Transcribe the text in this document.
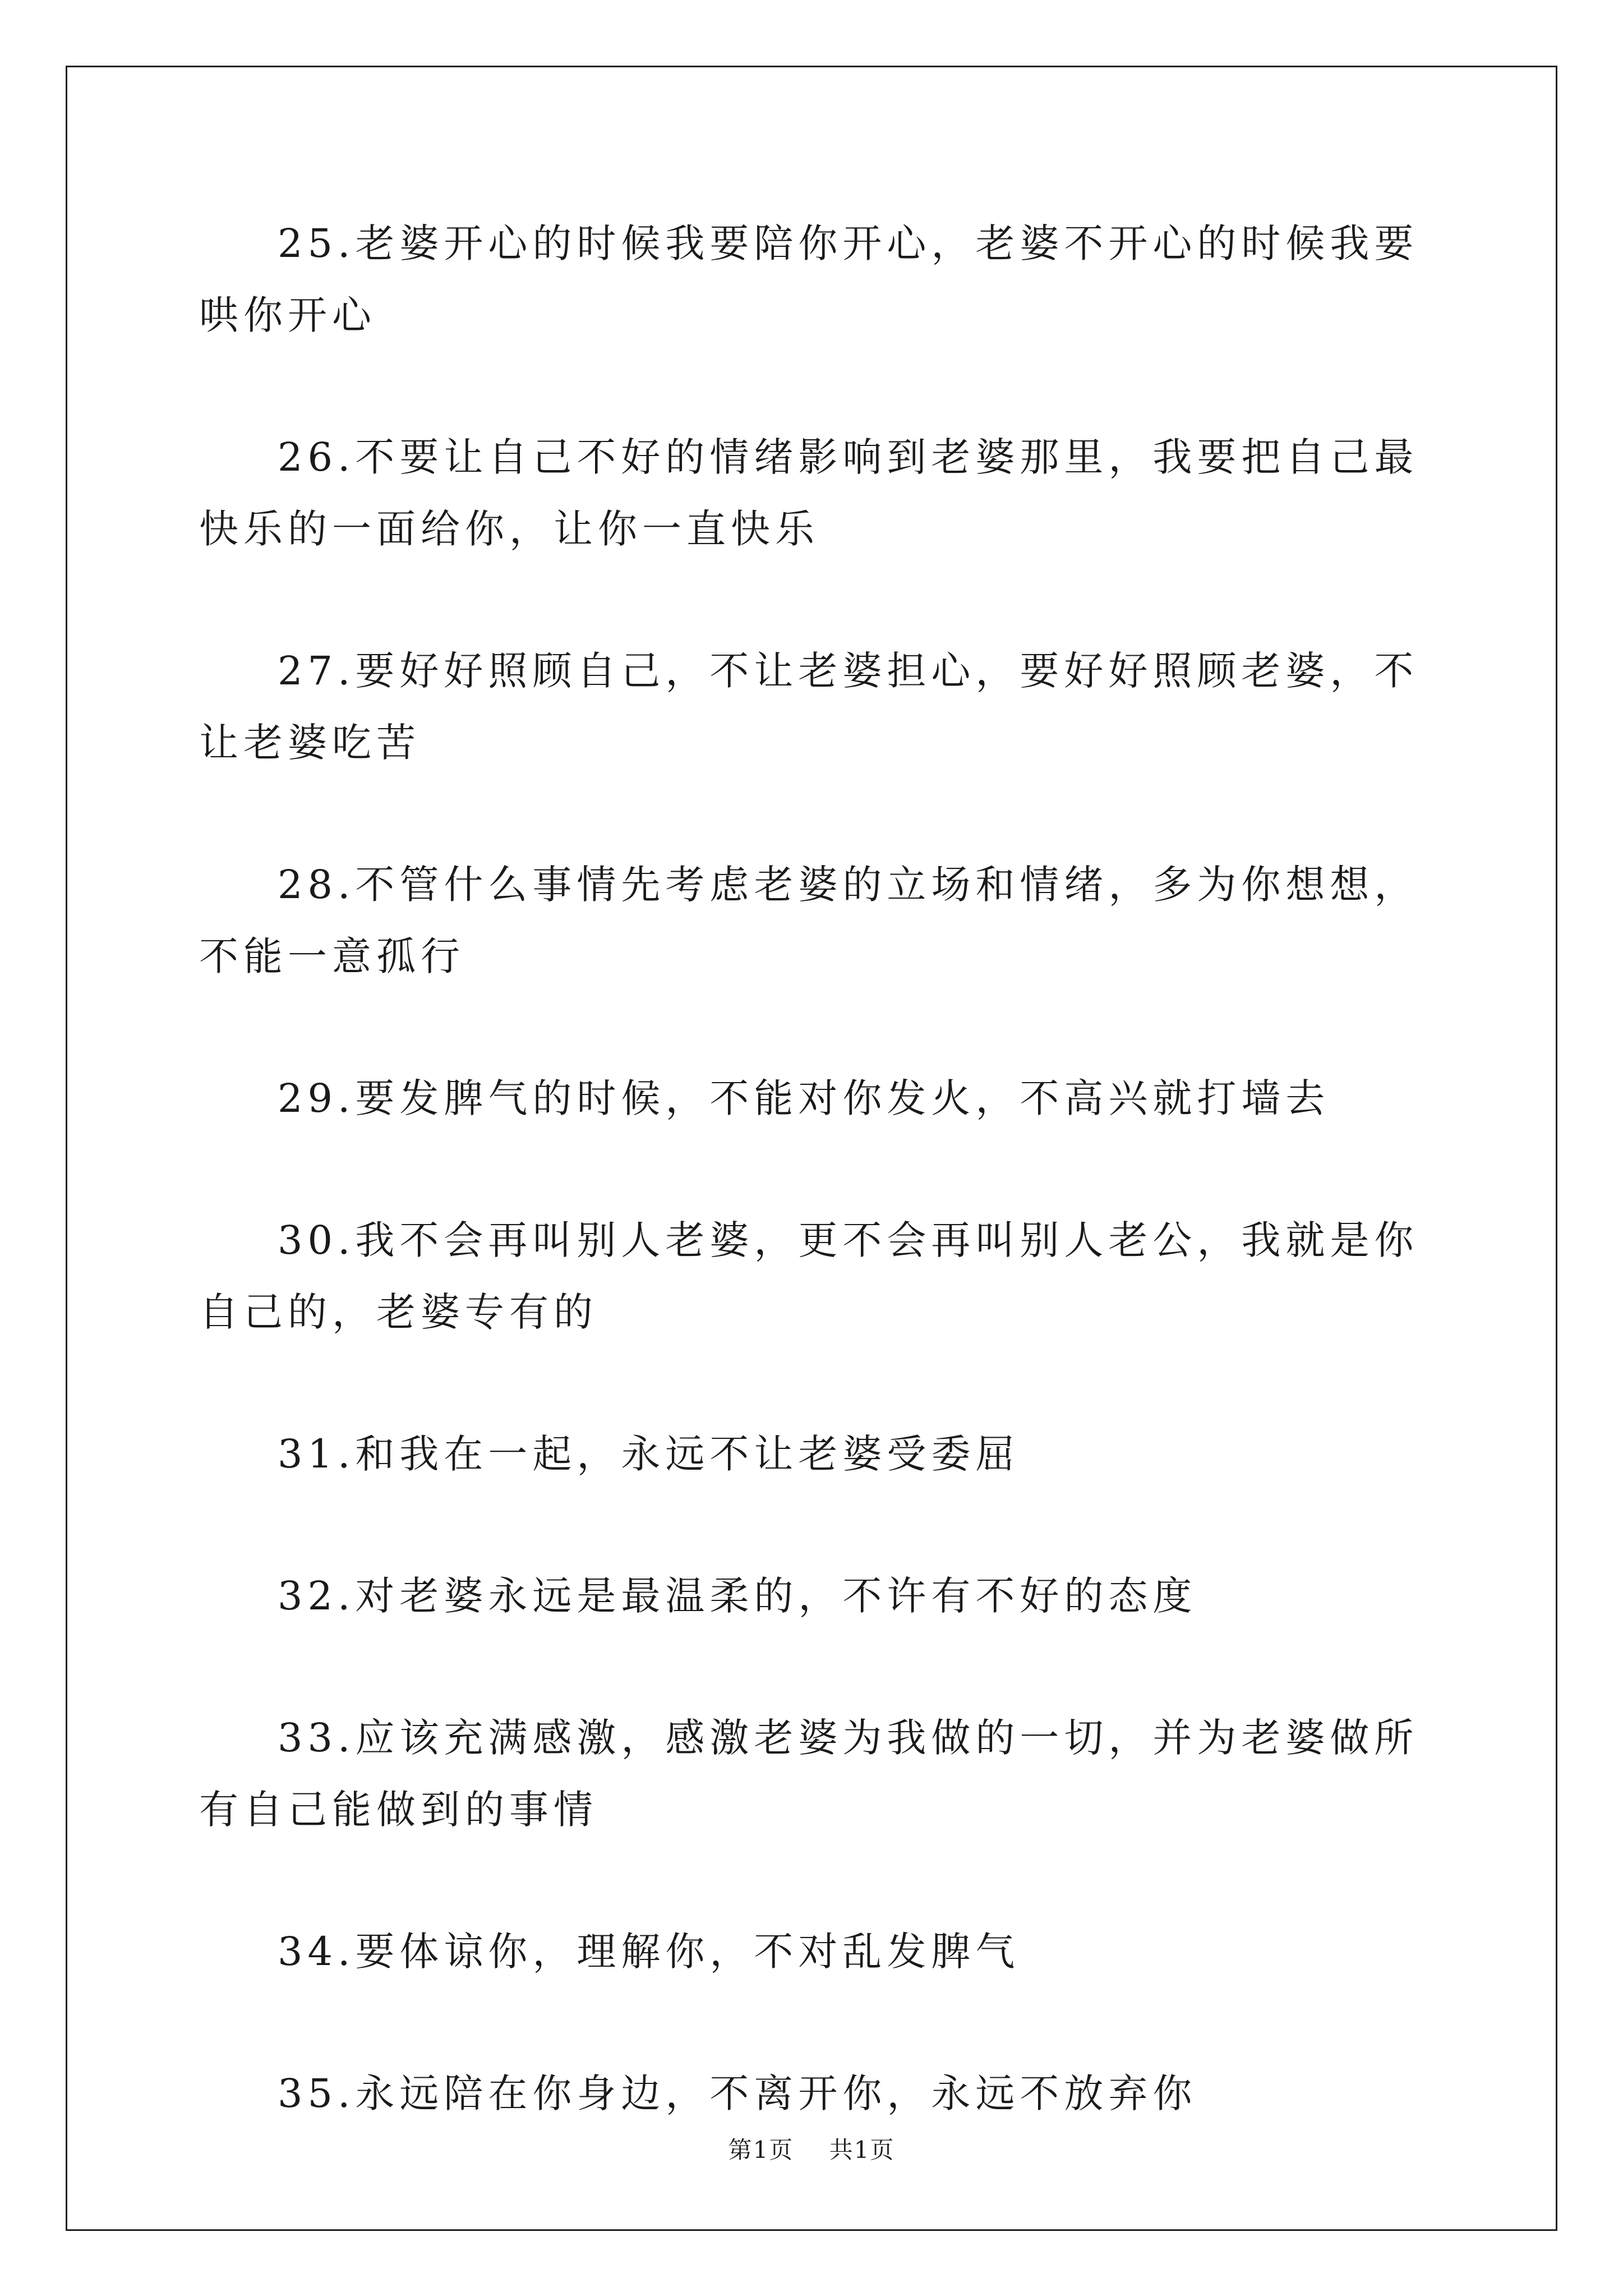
25.老婆开心的时候我要陪你开心，老婆不开心的时候我要哄你开心

26.不要让自己不好的情绪影响到老婆那里，我要把自己最快乐的一面给你，让你一直快乐

27.要好好照顾自己，不让老婆担心，要好好照顾老婆，不让老婆吃苦

28.不管什么事情先考虑老婆的立场和情绪，多为你想想，不能一意孤行

29.要发脾气的时候，不能对你发火，不高兴就打墙去

30.我不会再叫别人老婆，更不会再叫别人老公，我就是你自己的，老婆专有的

31.和我在一起，永远不让老婆受委屈

32.对老婆永远是最温柔的，不许有不好的态度

33.应该充满感激，感激老婆为我做的一切，并为老婆做所有自己能做到的事情

34.要体谅你，理解你，不对乱发脾气

35.永远陪在你身边，不离开你，永远不放弃你

第1页 共1页
